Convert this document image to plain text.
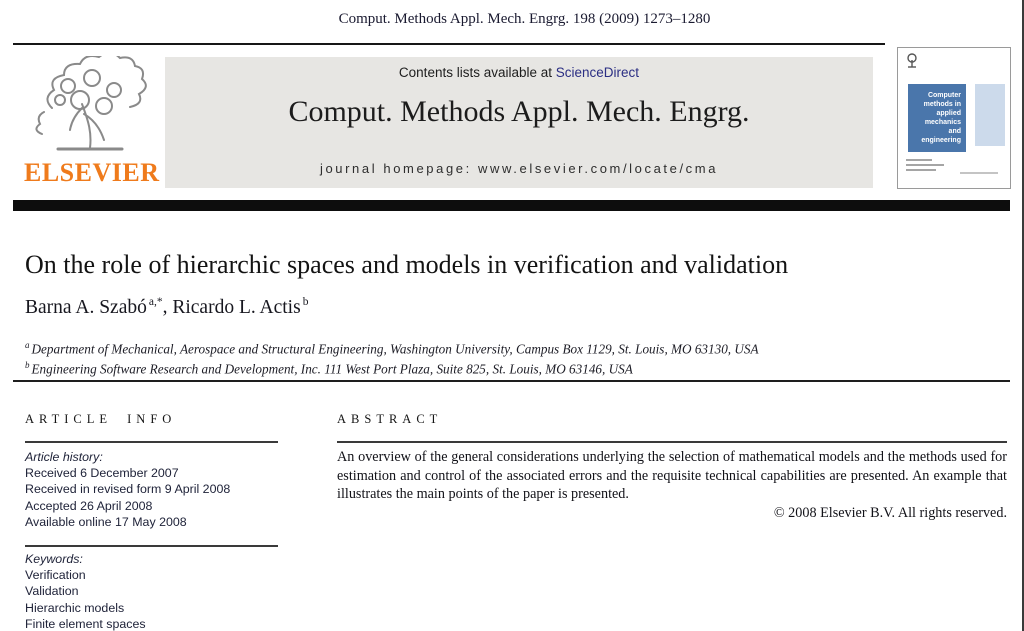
Comput. Methods Appl. Mech. Engrg. 198 (2009) 1273–1280
ELSEVIER
Contents lists available at ScienceDirect
Comput. Methods Appl. Mech. Engrg.
journal homepage: www.elsevier.com/locate/cma
Computer
methods in
applied
mechanics
and
engineering
On the role of hierarchic spaces and models in verification and validation
Barna A. Szabó $^{a,*}$, Ricardo L. Actis $^b$
$^a$ Department of Mechanical, Aerospace and Structural Engineering, Washington University, Campus Box 1129, St. Louis, MO 63130, USA
$^b$ Engineering Software Research and Development, Inc. 111 West Port Plaza, Suite 825, St. Louis, MO 63146, USA
ARTICLE INFO	ABSTRACT
Article history:
Received 6 December 2007
Received in revised form 9 April 2008
Accepted 26 April 2008
Available online 17 May 2008
Keywords:
Verification
Validation
Hierarchic models
Finite element spaces
An overview of the general considerations underlying the selection of mathematical models and the methods used for estimation and control of the associated errors and the requisite technical capabilities are presented. An example that illustrates the main points of the paper is presented.
© 2008 Elsevier B.V. All rights reserved.
